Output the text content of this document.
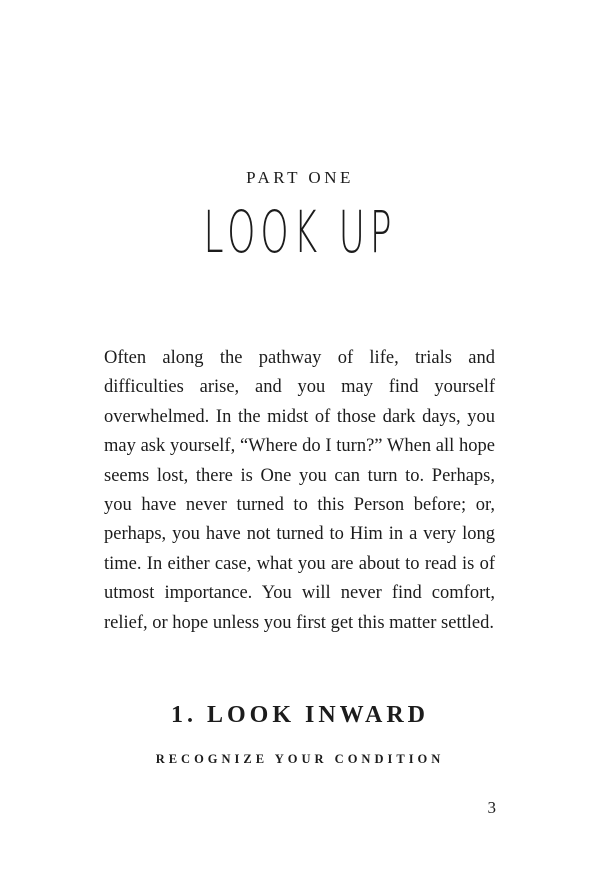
PART ONE
LOOK UP

Often along the pathway of life, trials and difficulties arise, and you may find yourself overwhelmed. In the midst of those dark days, you may ask yourself, “Where do I turn?” When all hope seems lost, there is One you can turn to. Perhaps, you have never turned to this Person before; or, perhaps, you have not turned to Him in a very long time. In either case, what you are about to read is of utmost importance. You will never find comfort, relief, or hope unless you first get this matter settled.

1. LOOK INWARD
RECOGNIZE YOUR CONDITION
3
